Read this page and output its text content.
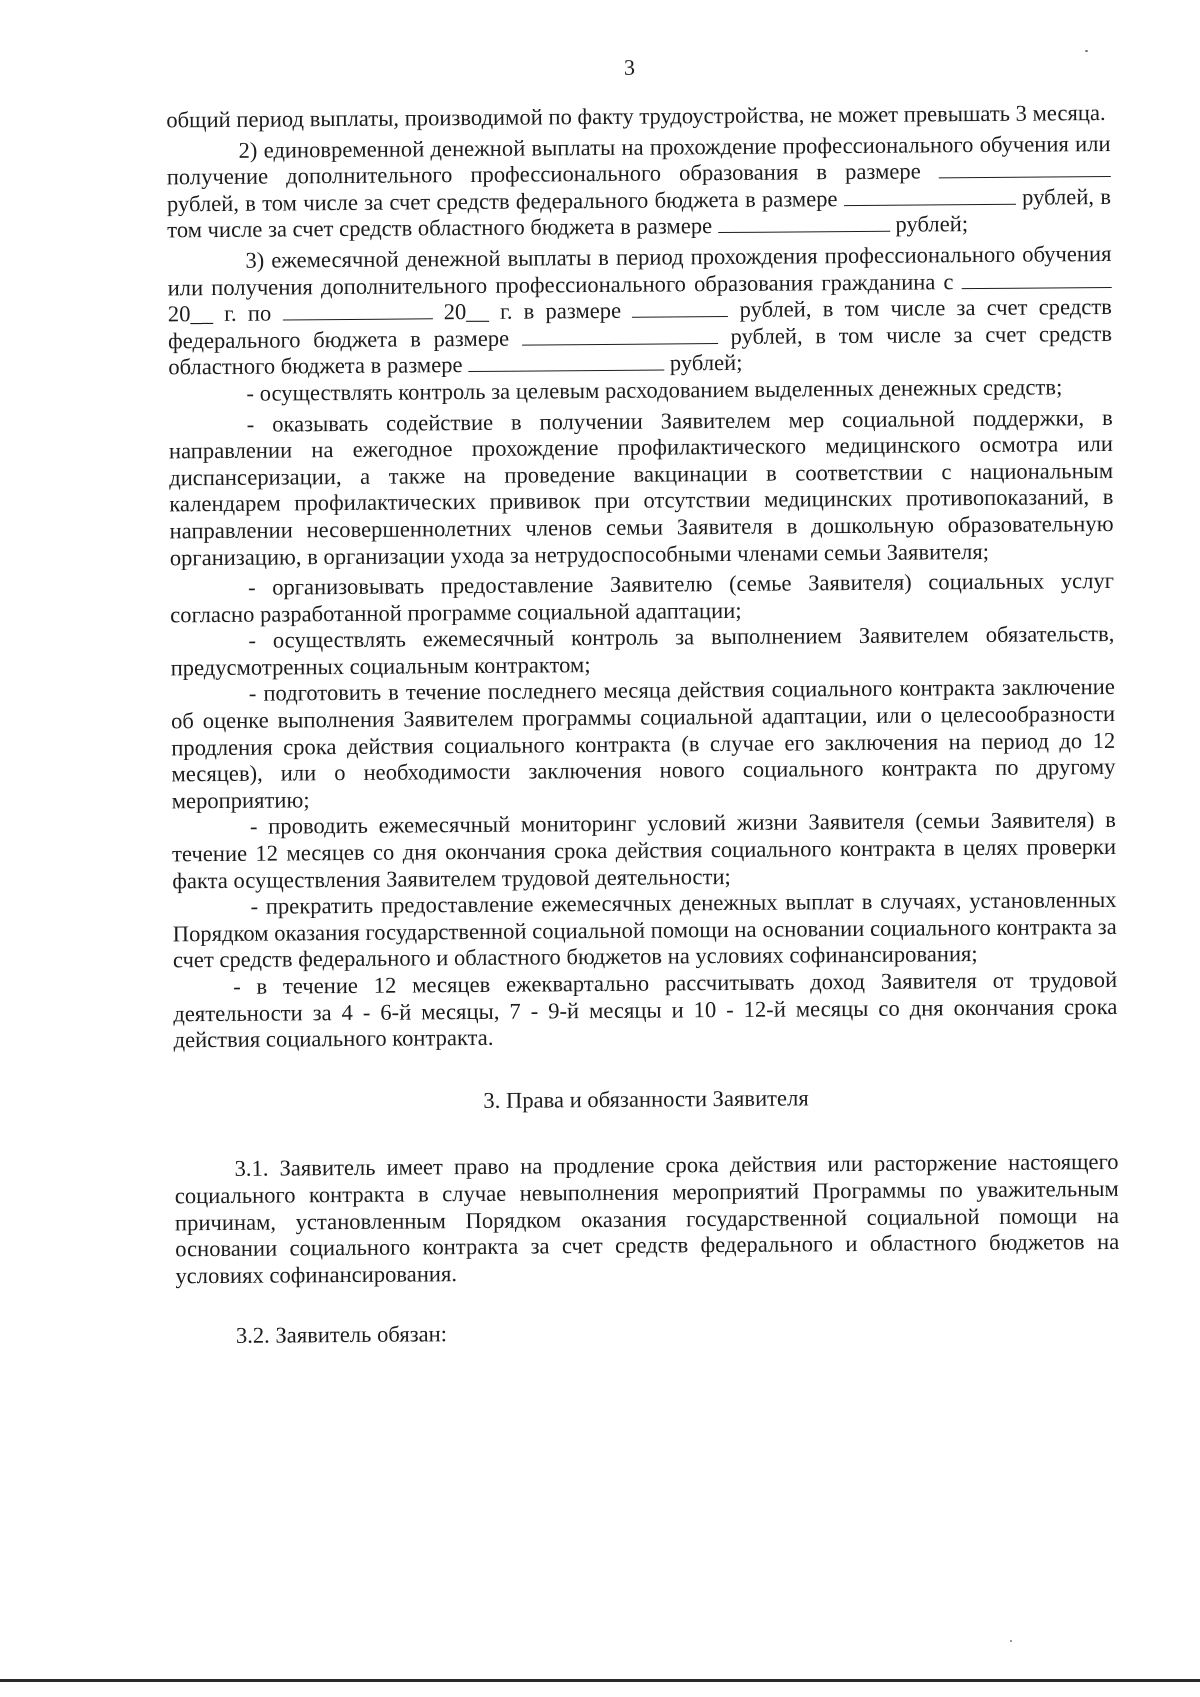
3

общий период выплаты, производимой по факту трудоустройства, не может превышать 3 месяца.

2) единовременной денежной выплаты на прохождение профессионального обучения или получение дополнительного профессионального образования в размере  рублей, в том числе за счет средств федерального бюджета в размере	рублей, в том числе за счет средств областного бюджета в размере	рублей;

3) ежемесячной денежной выплаты в период прохождения профессионального обучения или получения дополнительного профессионального образования гражданина с  20__ г. по	20__ г. в размере	рублей, в том числе за счет средств федерального бюджета в размере	рублей, в том числе за счет средств областного бюджета в размере	рублей;

- осуществлять контроль за целевым расходованием выделенных денежных средств;

- оказывать содействие в получении Заявителем мер социальной поддержки, в направлении на ежегодное прохождение профилактического медицинского осмотра или диспансеризации, а также на проведение вакцинации в соответствии с национальным календарем профилактических прививок при отсутствии медицинских противопоказаний, в направлении несовершеннолетних членов семьи Заявителя в дошкольную образовательную организацию, в организации ухода за нетрудоспособными членами семьи Заявителя;

- организовывать предоставление Заявителю (семье Заявителя) социальных услуг согласно разработанной программе социальной адаптации;

- осуществлять ежемесячный контроль за выполнением Заявителем обязательств, предусмотренных социальным контрактом;

- подготовить в течение последнего месяца действия социального контракта заключение об оценке выполнения Заявителем программы социальной адаптации, или о целесообразности продления срока действия социального контракта (в случае его заключения на период до 12 месяцев), или о необходимости заключения нового социального контракта по другому мероприятию;

- проводить ежемесячный мониторинг условий жизни Заявителя (семьи Заявителя) в течение 12 месяцев со дня окончания срока действия социального контракта в целях проверки факта осуществления Заявителем трудовой деятельности;

- прекратить предоставление ежемесячных денежных выплат в случаях, установленных Порядком оказания государственной социальной помощи на основании социального контракта за счет средств федерального и областного бюджетов на условиях софинансирования;

- в течение 12 месяцев ежеквартально рассчитывать доход Заявителя от трудовой деятельности за 4 - 6-й месяцы, 7 - 9-й месяцы и 10 - 12-й месяцы со дня окончания срока действия социального контракта.

3. Права и обязанности Заявителя

3.1. Заявитель имеет право на продление срока действия или расторжение настоящего социального контракта в случае невыполнения мероприятий Программы по уважительным причинам, установленным Порядком оказания государственной социальной помощи на основании социального контракта за счет средств федерального и областного бюджетов на условиях софинансирования.

3.2. Заявитель обязан:
